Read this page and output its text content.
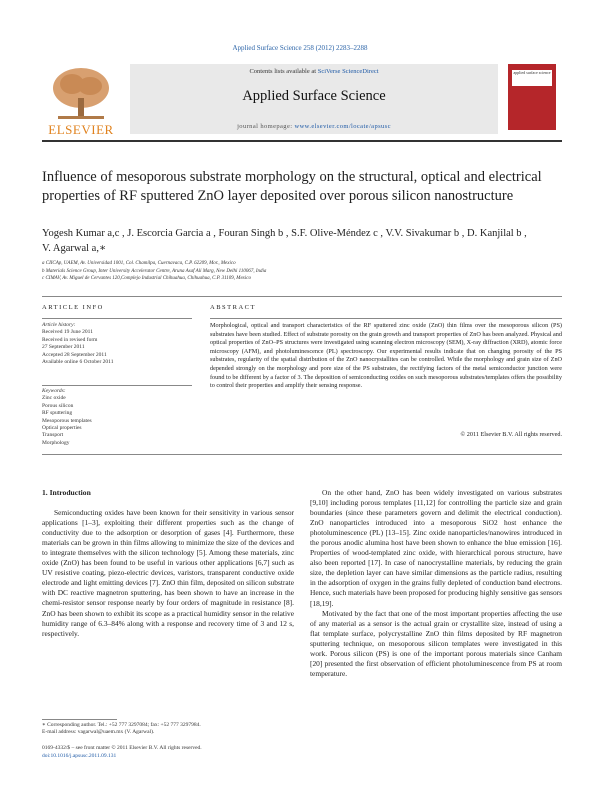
Applied Surface Science 258 (2012) 2283–2288
ELSEVIER
Contents lists available at SciVerse ScienceDirect
Applied Surface Science
journal homepage: www.elsevier.com/locate/apsusc
applied surface science
Influence of mesoporous substrate morphology on the structural, optical and electrical properties of RF sputtered ZnO layer deposited over porous silicon nanostructure
Yogesh Kumar a,c , J. Escorcia Garcia a , Fouran Singh b , S.F. Olive-Méndez c , V.V. Sivakumar b , D. Kanjilal b ,
V. Agarwal a,∗
a CIICAp, UAEM, Av. Universidad 1001, Col. Chamilpa, Cuernavaca, C.P. 62209, Mor., Mexico
b Materials Science Group, Inter University Accelerator Centre, Aruna Asaf Ali Marg, New Delhi 110067, India
c CIMAV, Av. Miguel de Cervantes 120,Complejo Industrial Chihuahua, Chihuahua, C.P. 31109, Mexico
ARTICLE INFO
Article history:
Received 19 June 2011
Received in revised form
27 September 2011
Accepted 28 September 2011
Available online 6 October 2011
Keywords:
Zinc oxide
Porous silicon
RF sputtering
Mesoporous templates
Optical properties
Transport
Morphology
ABSTRACT
Morphological, optical and transport characteristics of the RF sputtered zinc oxide (ZnO) thin films over the mesoporous silicon (PS) substrates have been studied. Effect of substrate porosity on the grain growth and transport properties of ZnO has been analyzed. Physical and optical properties of ZnO–PS structures were investigated using scanning electron microscopy (SEM), X-ray diffraction (XRD), atomic force microscopy (AFM), and photoluminescence (PL) spectroscopy. Our experimental results indicate that on changing porosity of the PS substrates, regularity of the spatial distribution of the ZnO nanocrystallites can be controlled. While the morphology and grain size of ZnO depended strongly on the morphology and pore size of the PS substrates, the rectifying factors of the metal semiconductor junction were found to be different by a factor of 3. The deposition of semiconducting oxides on such mesoporous substrates/templates offers the possibility to control their properties and amplify their sensing response.
© 2011 Elsevier B.V. All rights reserved.
1. Introduction

Semiconducting oxides have been known for their sensitivity in various sensor applications [1–3], exploiting their different properties such as the change of conductivity due to the adsorption or desorption of gases [4]. Furthermore, these materials can be grown in thin films allowing to minimize the size of the devices and to integrate themselves with the silicon technology [5]. Among these materials, zinc oxide (ZnO) has been found to be useful in various other applications [6,7] such as UV resistive coating, piezo-electric devices, varistors, transparent conductive oxide electrode and light emitting devices [7]. ZnO thin film, deposited on silicon substrate with DC reactive magnetron sputtering, has been shown to have an increase in the chemi-resistor sensor response nearly by four orders of magnitude in resistance [8]. ZnO has been shown to exhibit its scope as a practical humidity sensor in the relative humidity range of 6.3–84% along with a response and recovery time of 3 and 12 s, respectively.

On the other hand, ZnO has been widely investigated on various substrates [9,10] including porous templates [11,12] for controlling the particle size and grain boundaries (since these parameters govern and delimit the electrical conduction). ZnO nanoparticles introduced into a mesoporous SiO2 host enhance the photoluminescence (PL) [13–15]. Zinc oxide nanoparticles/nanowires introduced in the porous anodic alumina host have been shown to enhance the blue emission [16]. Properties of wood-templated zinc oxide, with hierarchical porous structure, have also been reported [17]. In case of nanocrystalline materials, by reducing the grain size, the depletion layer can have similar dimensions as the particle radius, resulting in the adsorption of oxygen in the grains fully depleted of conduction band electrons. Hence, such materials have been proposed for producing highly sensitive gas sensors [18,19].

Motivated by the fact that one of the most important properties affecting the use of any material as a sensor is the actual grain or crystallite size, instead of using a flat template surface, polycrystalline ZnO thin films deposited by RF magnetron sputtering technique, on mesoporous silicon templates were investigated in this work. Porous silicon (PS) is one of the important porous materials since Canham [20] presented the first observation of efficient photoluminescence from PS at room temperature.

∗ Corresponding author. Tel.: +52 777 3297084; fax: +52 777 3297984.
E-mail address: vagarwal@uaem.mx (V. Agarwal).
0169-4332/$ – see front matter © 2011 Elsevier B.V. All rights reserved.
doi:10.1016/j.apsusc.2011.09.131
